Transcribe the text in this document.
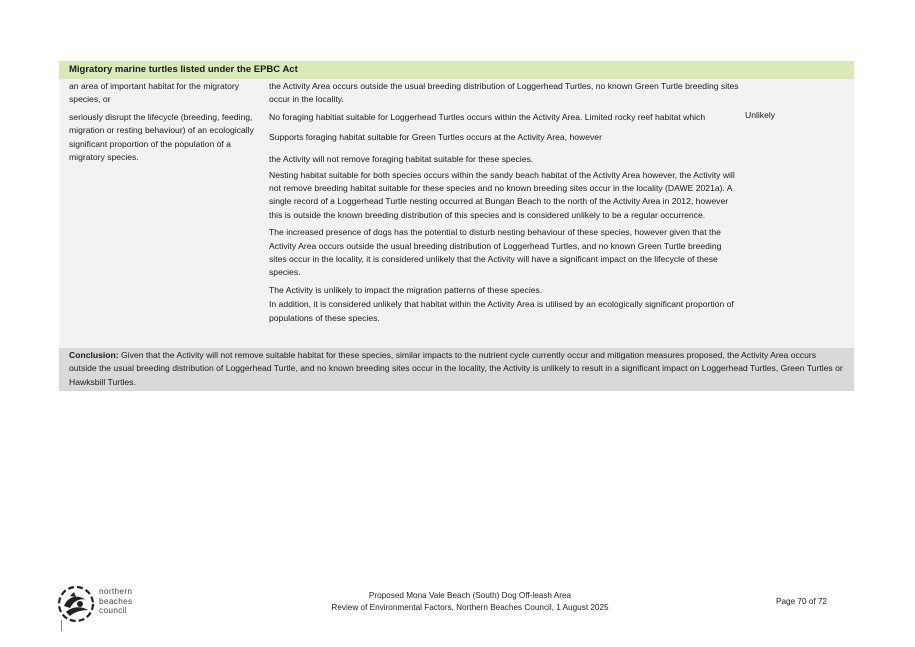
Migratory marine turtles listed under the EPBC Act

an area of important habitat for the migratory species, or

seriously disrupt the lifecycle (breeding, feeding, migration or resting behaviour) of an ecologically significant proportion of the population of a migratory species.

the Activity Area occurs outside the usual breeding distribution of Loggerhead Turtles, no known Green Turtle breeding sites occur in the locality.

No foraging habitiat suitable for Loggerhead Turtles occurs within the Activity Area. Limited rocky reef habitat which

Supports foraging habitat suitable for Green Turtles occurs at the Activity Area, however

the Activity will not remove foraging habitat suitable for these species.

Nesting habitat suitable for both species occurs within the sandy beach habitat of the Activity Area however, the Activity will not remove breeding habitat suitable for these species and no known breeding sites occur in the locality (DAWE 2021a). A single record of a Loggerhead Turtle nesting occurred at Bungan Beach to the north of the Activity Area in 2012, however this is outside the known breeding distribution of this species and is considered unlikely to be a regular occurrence.

The increased presence of dogs has the potential to disturb nesting behaviour of these species, however given that the Activity Area occurs outside the usual breeding distribution of Loggerhead Turtles, and no known Green Turtle breeding sites occur in the locality, it is considered unlikely that the Activity will have a significant impact on the lifecycle of these species.

The Activity is unlikely to impact the migration patterns of these species.

In addition, it is considered unlikely that habitat within the Activity Area is utilised by an ecologically significant proportion of populations of these species.

Unlikely
Conclusion: Given that the Activity will not remove suitable habitat for these species, similar impacts to the nutrient cycle currently occur and mitigation measures proposed, the Activity Area occurs outside the usual breeding distribution of Loggerhead Turtle, and no known breeding sites occur in the locality, the Activity is unlikely to result in a significant impact on Loggerhead Turtles, Green Turtles or Hawksbill Turtles.
northern
beaches
council
Proposed Mona Vale Beach (South) Dog Off-leash Area
Review of Environmental Factors, Northern Beaches Council, 1 August 2025
Page 70 of 72
